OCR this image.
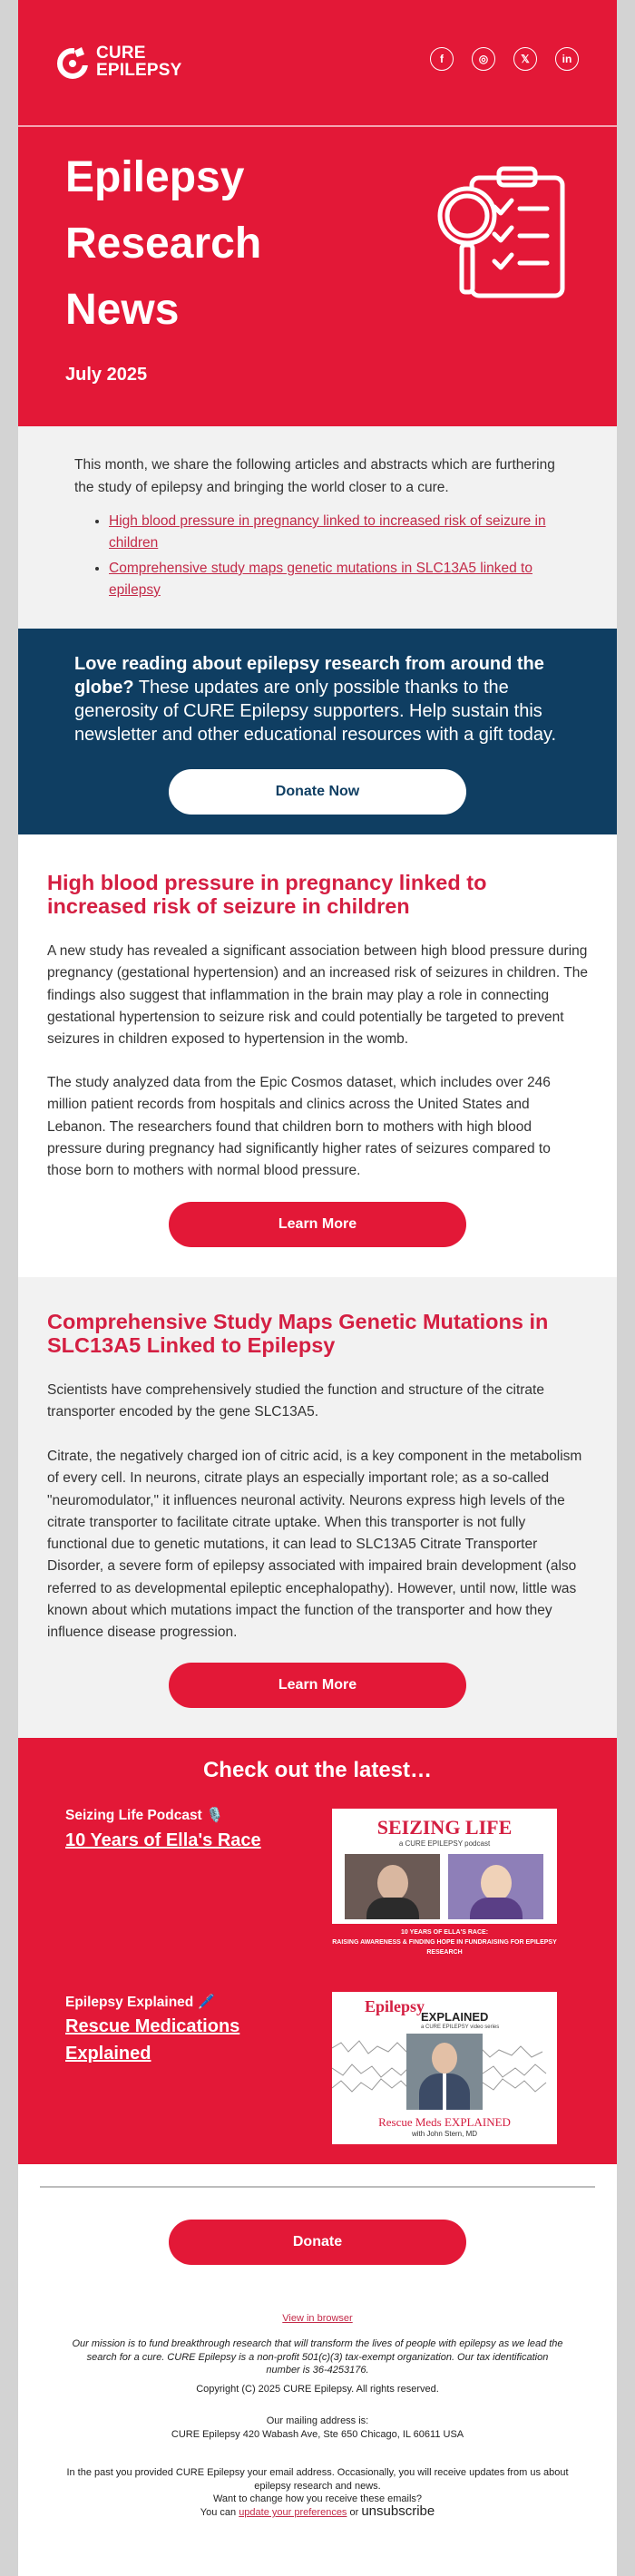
CURE
EPILEPSY
f	◎	𝕏	in
Epilepsy
Research
News
July 2025

This month, we share the following articles and abstracts which are furthering the study of epilepsy and bringing the world closer to a cure.

• High blood pressure in pregnancy linked to increased risk of seizure in children
• Comprehensive study maps genetic mutations in SLC13A5 linked to epilepsy

Love reading about epilepsy research from around the globe? These updates are only possible thanks to the generosity of CURE Epilepsy supporters. Help sustain this newsletter and other educational resources with a gift today.

Donate Now
High blood pressure in pregnancy linked to increased risk of seizure in children

A new study has revealed a significant association between high blood pressure during pregnancy (gestational hypertension) and an increased risk of seizures in children. The findings also suggest that inflammation in the brain may play a role in connecting gestational hypertension to seizure risk and could potentially be targeted to prevent seizures in children exposed to hypertension in the womb.

The study analyzed data from the Epic Cosmos dataset, which includes over 246 million patient records from hospitals and clinics across the United States and Lebanon. The researchers found that children born to mothers with high blood pressure during pregnancy had significantly higher rates of seizures compared to those born to mothers with normal blood pressure.

Learn More
Comprehensive Study Maps Genetic Mutations in SLC13A5 Linked to Epilepsy

Scientists have comprehensively studied the function and structure of the citrate transporter encoded by the gene SLC13A5.

Citrate, the negatively charged ion of citric acid, is a key component in the metabolism of every cell. In neurons, citrate plays an especially important role; as a so-called "neuromodulator," it influences neuronal activity. Neurons express high levels of the citrate transporter to facilitate citrate uptake. When this transporter is not fully functional due to genetic mutations, it can lead to SLC13A5 Citrate Transporter Disorder, a severe form of epilepsy associated with impaired brain development (also referred to as developmental epileptic encephalopathy). However, until now, little was known about which mutations impact the function of the transporter and how they influence disease progression.

Learn More
Check out the latest…
Seizing Life Podcast 🎙️
10 Years of Ella's Race
SEIZING LIFE
a CURE EPILEPSY podcast
10 YEARS OF ELLA'S RACE:
RAISING AWARENESS & FINDING HOPE IN FUNDRAISING FOR EPILEPSY RESEARCH
Epilepsy Explained 🖊️
Rescue Medications Explained
Epilepsy
EXPLAINED
a CURE EPILEPSY video series
Rescue Meds EXPLAINED
with John Stern, MD
Donate
View in browser
Our mission is to fund breakthrough research that will transform the lives of people with epilepsy as we lead the search for a cure. CURE Epilepsy is a non-profit 501(c)(3) tax-exempt organization. Our tax identification number is 36-4253176.
Copyright (C) 2025 CURE Epilepsy. All rights reserved.
Our mailing address is:
CURE Epilepsy 420 Wabash Ave, Ste 650 Chicago, IL 60611 USA
In the past you provided CURE Epilepsy your email address. Occasionally, you will receive updates from us about epilepsy research and news.
Want to change how you receive these emails?
You can update your preferences or unsubscribe
